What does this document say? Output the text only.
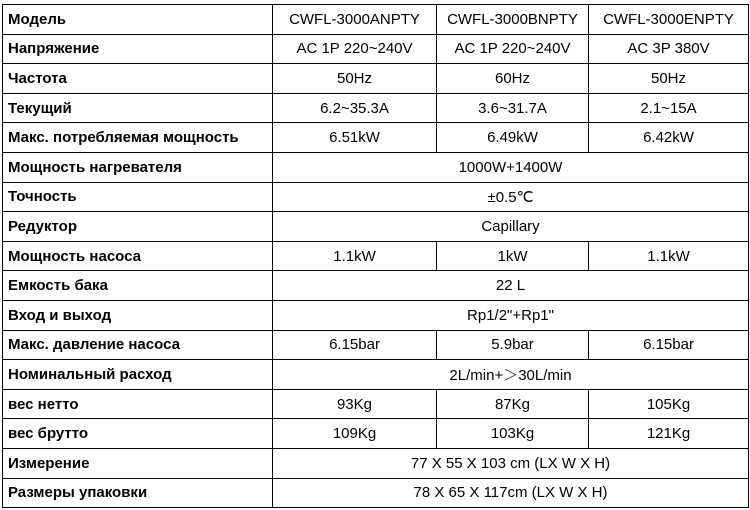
Модель	CWFL-3000ANPTY	CWFL-3000BNPTY	CWFL-3000ENPTY
Напряжение	AC 1P 220~240V	AC 1P 220~240V	AC 3P 380V
Частота	50Hz	60Hz	50Hz
Текущий	6.2~35.3A	3.6~31.7A	2.1~15A
Макс. потребляемая мощность	6.51kW	6.49kW	6.42kW
Мощность нагревателя	1000W+1400W		
Точность	±0.5℃		
Редуктор	Capillary		
Мощность насоса	1.1kW	1kW	1.1kW
Емкость бака	22 L		
Вход и выход	Rp1/2"+Rp1"		
Макс. давление насоса	6.15bar	5.9bar	6.15bar
Номинальный расход	2L/min+＞30L/min		
вес нетто	93Kg	87Kg	105Kg
вес брутто	109Kg	103Kg	121Kg
Измерение	77 X 55 X 103 cm (LX W X H)		
Размеры упаковки	78 X 65 X 117cm (LX W X H)		
